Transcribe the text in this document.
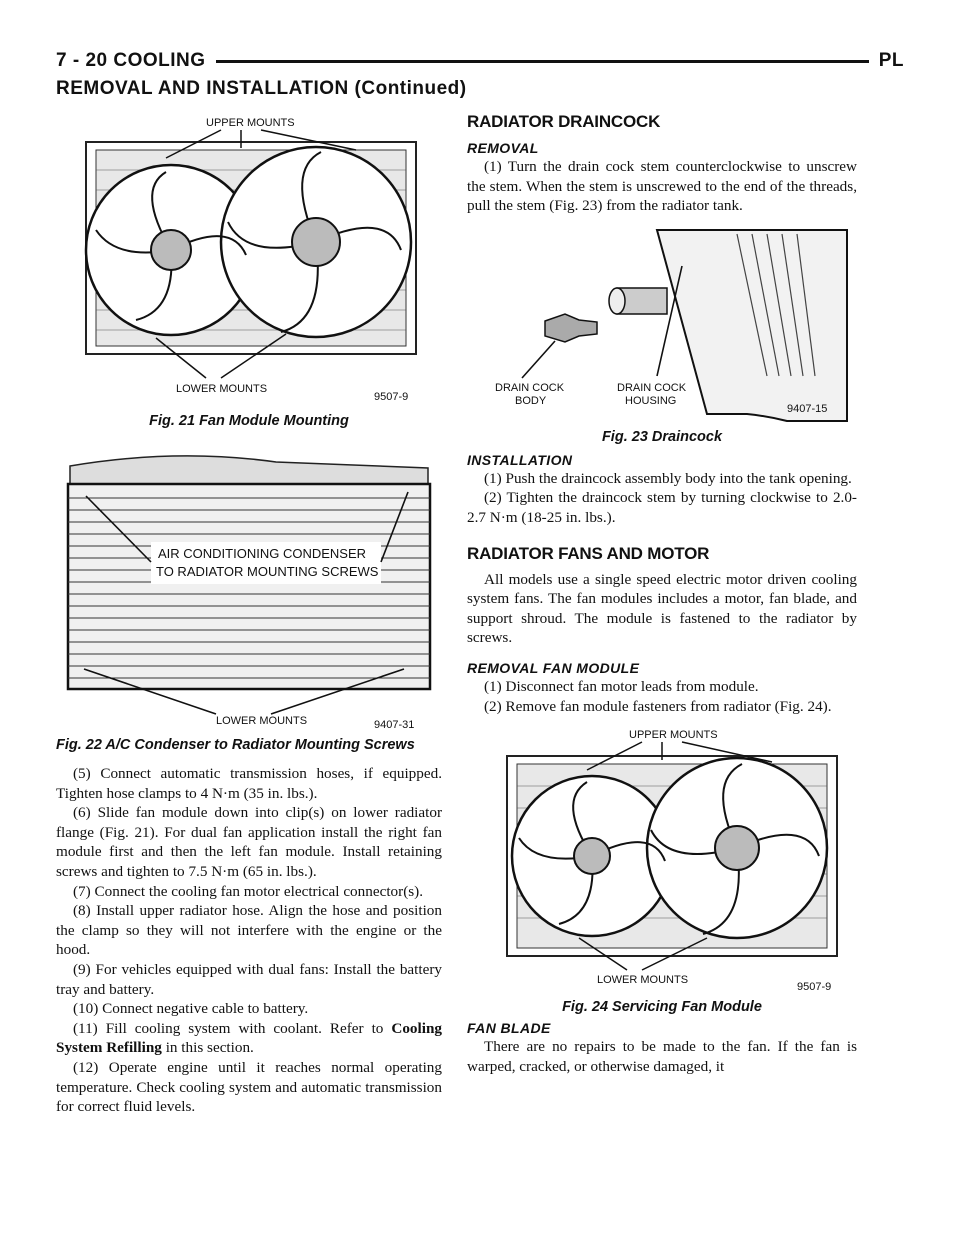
7 - 20 COOLING	PL
REMOVAL AND INSTALLATION (Continued)
UPPER MOUNTS
LOWER MOUNTS
9507-9
Fig. 21 Fan Module Mounting
AIR CONDITIONING CONDENSER
TO RADIATOR MOUNTING SCREWS
LOWER MOUNTS	9407-31
Fig. 22 A/C Condenser to Radiator Mounting Screws

(5) Connect automatic transmission hoses, if equipped. Tighten hose clamps to 4 N·m (35 in. lbs.).

(6) Slide fan module down into clip(s) on lower radiator flange (Fig. 21). For dual fan application install the right fan module first and then the left fan module. Install retaining screws and tighten to 7.5 N·m (65 in. lbs.).

(7) Connect the cooling fan motor electrical connector(s).

(8) Install upper radiator hose. Align the hose and position the clamp so they will not interfere with the engine or the hood.

(9) For vehicles equipped with dual fans: Install the battery tray and battery.

(10) Connect negative cable to battery.

(11) Fill cooling system with coolant. Refer to Cooling System Refilling in this section.

(12) Operate engine until it reaches normal operating temperature. Check cooling system and automatic transmission for correct fluid levels.

RADIATOR DRAINCOCK
REMOVAL

(1) Turn the drain cock stem counterclockwise to unscrew the stem. When the stem is unscrewed to the end of the threads, pull the stem (Fig. 23) from the radiator tank.

DRAIN COCK
BODY
DRAIN COCK
HOUSING
9407-15
Fig. 23 Draincock
INSTALLATION

(1) Push the draincock assembly body into the tank opening.

(2) Tighten the draincock stem by turning clockwise to 2.0-2.7 N·m (18-25 in. lbs.).

RADIATOR FANS AND MOTOR

All models use a single speed electric motor driven cooling system fans. The fan modules includes a motor, fan blade, and support shroud. The module is fastened to the radiator by screws.

REMOVAL FAN MODULE

(1) Disconnect fan motor leads from module.

(2) Remove fan module fasteners from radiator (Fig. 24).

UPPER MOUNTS
LOWER MOUNTS
9507-9
Fig. 24 Servicing Fan Module
FAN BLADE

There are no repairs to be made to the fan. If the fan is warped, cracked, or otherwise damaged, it
